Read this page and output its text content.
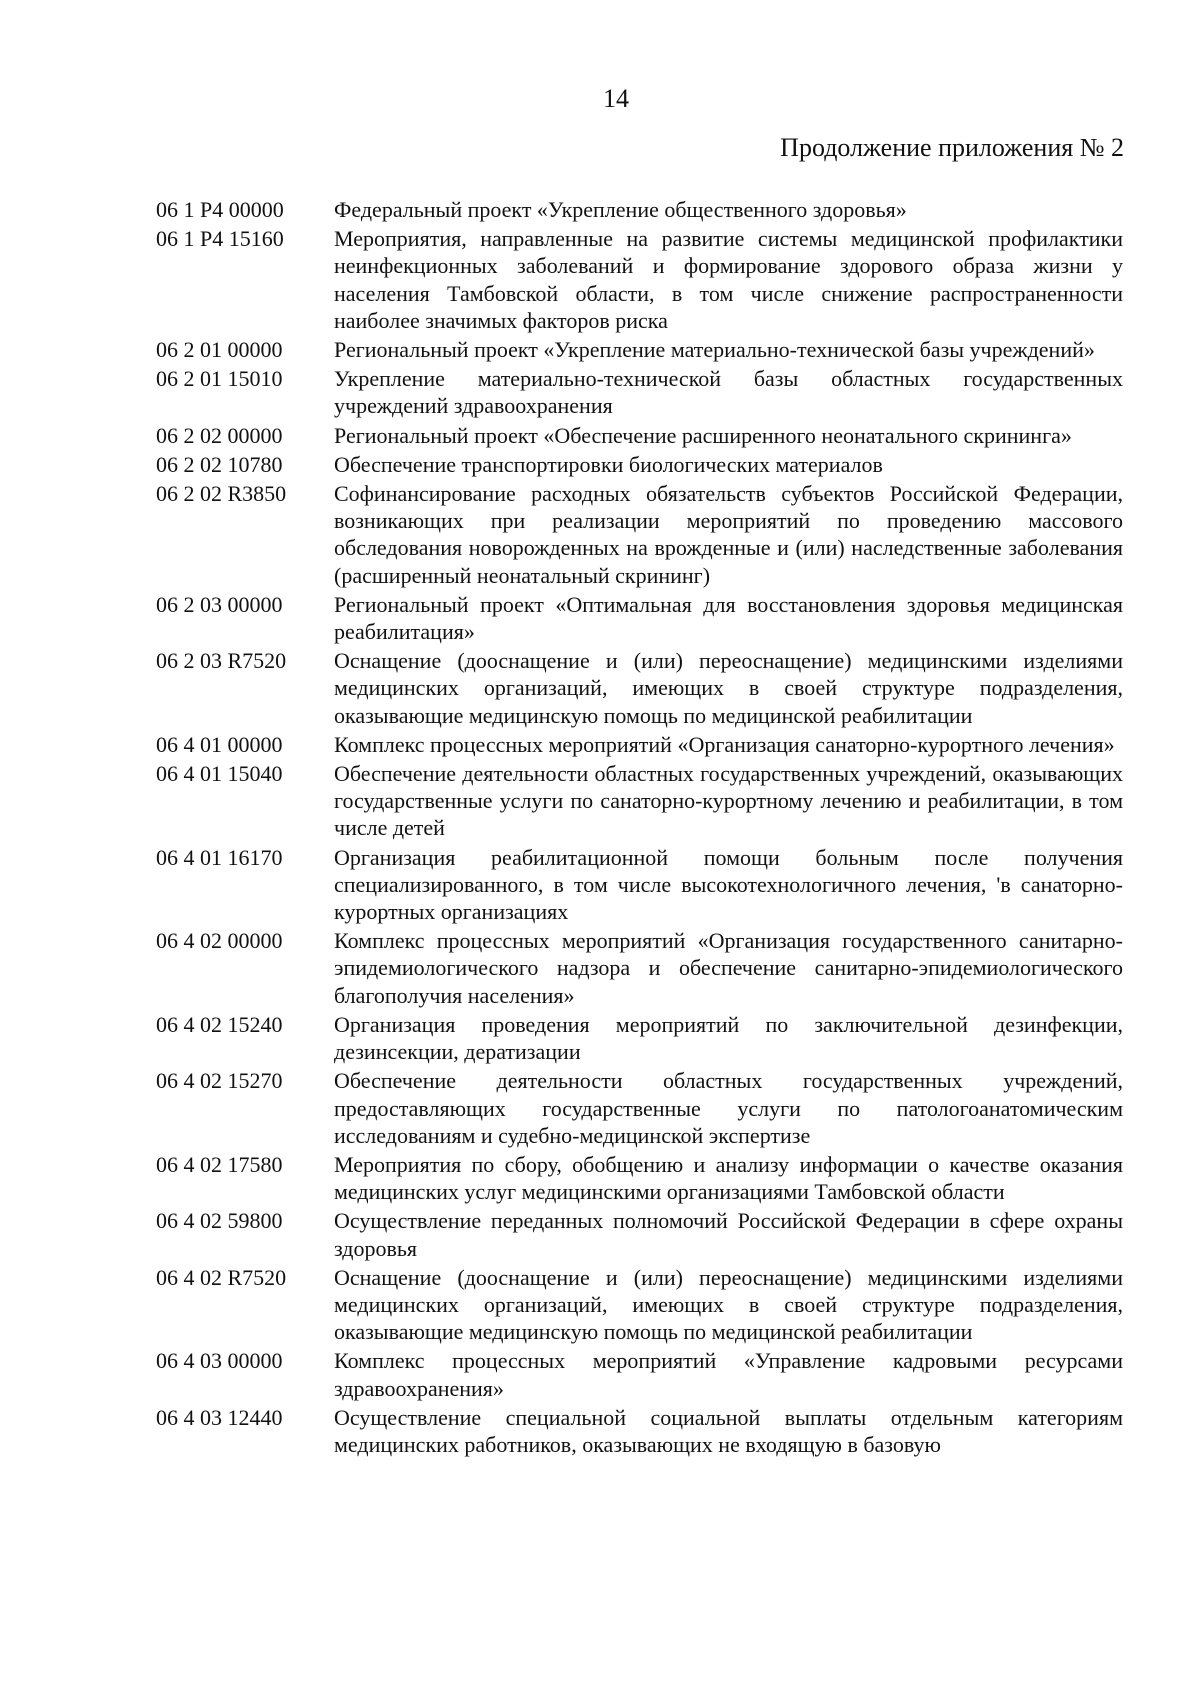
14
Продолжение приложения № 2
06 1 P4 00000	Федеральный проект «Укрепление общественного здоровья»
06 1 P4 15160	Мероприятия, направленные на развитие системы медицинской профилактики неинфекционных заболеваний и формирование здорового образа жизни у населения Тамбовской области, в том числе снижение распространенности наиболее значимых факторов риска
06 2 01 00000	Региональный проект «Укрепление материально-технической базы учреждений»
06 2 01 15010	Укрепление материально-технической базы областных государственных учреждений здравоохранения
06 2 02 00000	Региональный проект «Обеспечение расширенного неонатального скрининга»
06 2 02 10780	Обеспечение транспортировки биологических материалов
06 2 02 R3850	Софинансирование расходных обязательств субъектов Российской Федерации, возникающих при реализации мероприятий по проведению массового обследования новорожденных на врожденные и (или) наследственные заболевания (расширенный неонатальный скрининг)
06 2 03 00000	Региональный проект «Оптимальная для восстановления здоровья медицинская реабилитация»
06 2 03 R7520	Оснащение (дооснащение и (или) переоснащение) медицинскими изделиями медицинских организаций, имеющих в своей структуре подразделения, оказывающие медицинскую помощь по медицинской реабилитации
06 4 01 00000	Комплекс процессных мероприятий «Организация санаторно-курортного лечения»
06 4 01 15040	Обеспечение деятельности областных государственных учреждений, оказывающих государственные услуги по санаторно-курортному лечению и реабилитации, в том числе детей
06 4 01 16170	Организация реабилитационной помощи больным после получения специализированного, в том числе высокотехнологичного лечения, 'в санаторно-курортных организациях
06 4 02 00000	Комплекс процессных мероприятий «Организация государственного санитарно-эпидемиологического надзора и обеспечение санитарно-эпидемиологического благополучия населения»
06 4 02 15240	Организация проведения мероприятий по заключительной дезинфекции, дезинсекции, дератизации
06 4 02 15270	Обеспечение деятельности областных государственных учреждений, предоставляющих государственные услуги по патологоанатомическим исследованиям и судебно-медицинской экспертизе
06 4 02 17580	Мероприятия по сбору, обобщению и анализу информации о качестве оказания медицинских услуг медицинскими организациями Тамбовской области
06 4 02 59800	Осуществление переданных полномочий Российской Федерации в сфере охраны здоровья
06 4 02 R7520	Оснащение (дооснащение и (или) переоснащение) медицинскими изделиями медицинских организаций, имеющих в своей структуре подразделения, оказывающие медицинскую помощь по медицинской реабилитации
06 4 03 00000	Комплекс процессных мероприятий «Управление кадровыми ресурсами здравоохранения»
06 4 03 12440	Осуществление специальной социальной выплаты отдельным категориям медицинских работников, оказывающих не входящую в базовую
